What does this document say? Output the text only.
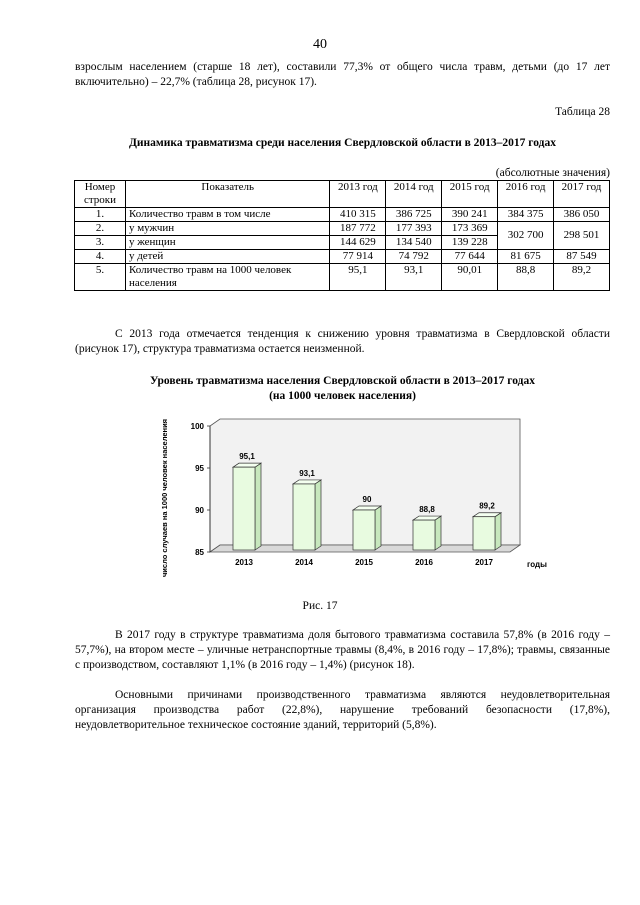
40

взрослым населением (старше 18 лет), составили 77,3% от общего числа травм, детьми (до 17 лет включительно) – 22,7% (таблица 28, рисунок 17).

Таблица 28
Динамика травматизма среди населения Свердловской области в 2013–2017 годах
(абсолютные значения)
Номер строки	Показатель	2013 год	2014 год	2015 год	2016 год	2017 год
1.	Количество травм в том числе	410 315	386 725	390 241	384 375	386 050
2.	у мужчин	187 772	177 393	173 369	302 700	298 501
3.	у женщин	144 629	134 540	139 228		
4.	у детей	77 914	74 792	77 644	81 675	87 549
5.	Количество травм на 1000 человек населения	95,1	93,1	90,01	88,8	89,2

С 2013 года отмечается тенденция к снижению уровня травматизма в Свердловской области (рисунок 17), структура травматизма остается неизменной.

Уровень травматизма населения Свердловской области в 2013–2017 годах
(на 1000 человек населения)
85
90
95
100
95,1
93,1
90
88,8	89,2
число случаев на 1000 человек населения	годы
2013	2014	2015	2016	2017
Рис. 17

В 2017 году в структуре травматизма доля бытового травматизма составила 57,8% (в 2016 году – 57,7%), на втором месте – уличные нетранспортные травмы (8,4%, в 2016 году – 17,8%); травмы, связанные с производством, составляют 1,1% (в 2016 году – 1,4%) (рисунок 18).

Основными причинами производственного травматизма являются неудовлетворительная организация производства работ (22,8%), нарушение требований безопасности (17,8%), неудовлетворительное техническое состояние зданий, территорий (5,8%).
